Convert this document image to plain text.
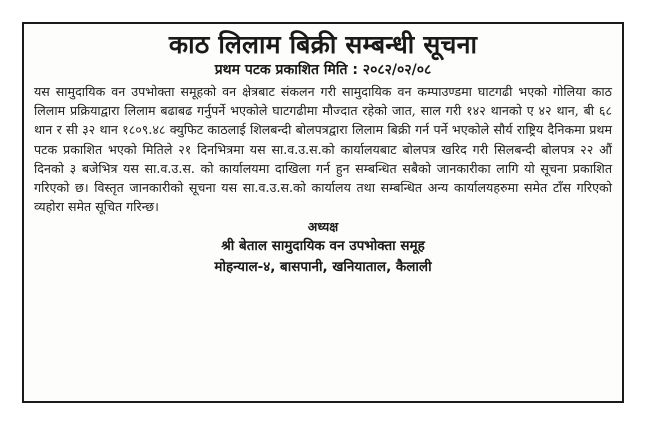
काठ लिलाम बिक्री सम्बन्धी सूचना
प्रथम पटक प्रकाशित मिति : २०८२/०२/०८

यस सामुदायिक वन उपभोक्ता समूहको वन क्षेत्रबाट संकलन गरी सामुदायिक वन कम्पाउण्डमा घाटगढी भएको गोलिया काठ लिलाम प्रक्रियाद्वारा लिलाम बढाबढ गर्नुपर्ने भएकोले घाटगढीमा मौज्दात रहेको जात, साल गरी १४२ थानको ए ४२ थान, बी ६८ थान र सी ३२ थान १८०९.४८ क्युफिट काठलाई शिलबन्दी बोलपत्रद्वारा लिलाम बिक्री गर्न पर्ने भएकोले सौर्य राष्ट्रिय दैनिकमा प्रथम पटक प्रकाशित भएको मितिले २१ दिनभित्रमा यस सा.व.उ.स.को कार्यालयबाट बोलपत्र खरिद गरी सिलबन्दी बोलपत्र २२ औं दिनको ३ बजेभित्र यस सा.व.उ.स. को कार्यालयमा दाखिला गर्न हुन सम्बन्धित सबैको जानकारीका लागि यो सूचना प्रकाशित गरिएको छ। विस्तृत जानकारीको सूचना यस सा.व.उ.स.को कार्यालय तथा सम्बन्धित अन्य कार्यालयहरुमा समेत टाँस गरिएको व्यहोरा समेत सूचित गरिन्छ।

अध्यक्ष
श्री बेताल सामुदायिक वन उपभोक्ता समूह
मोहन्याल-४, बासपानी, खनियाताल, कैलाली
